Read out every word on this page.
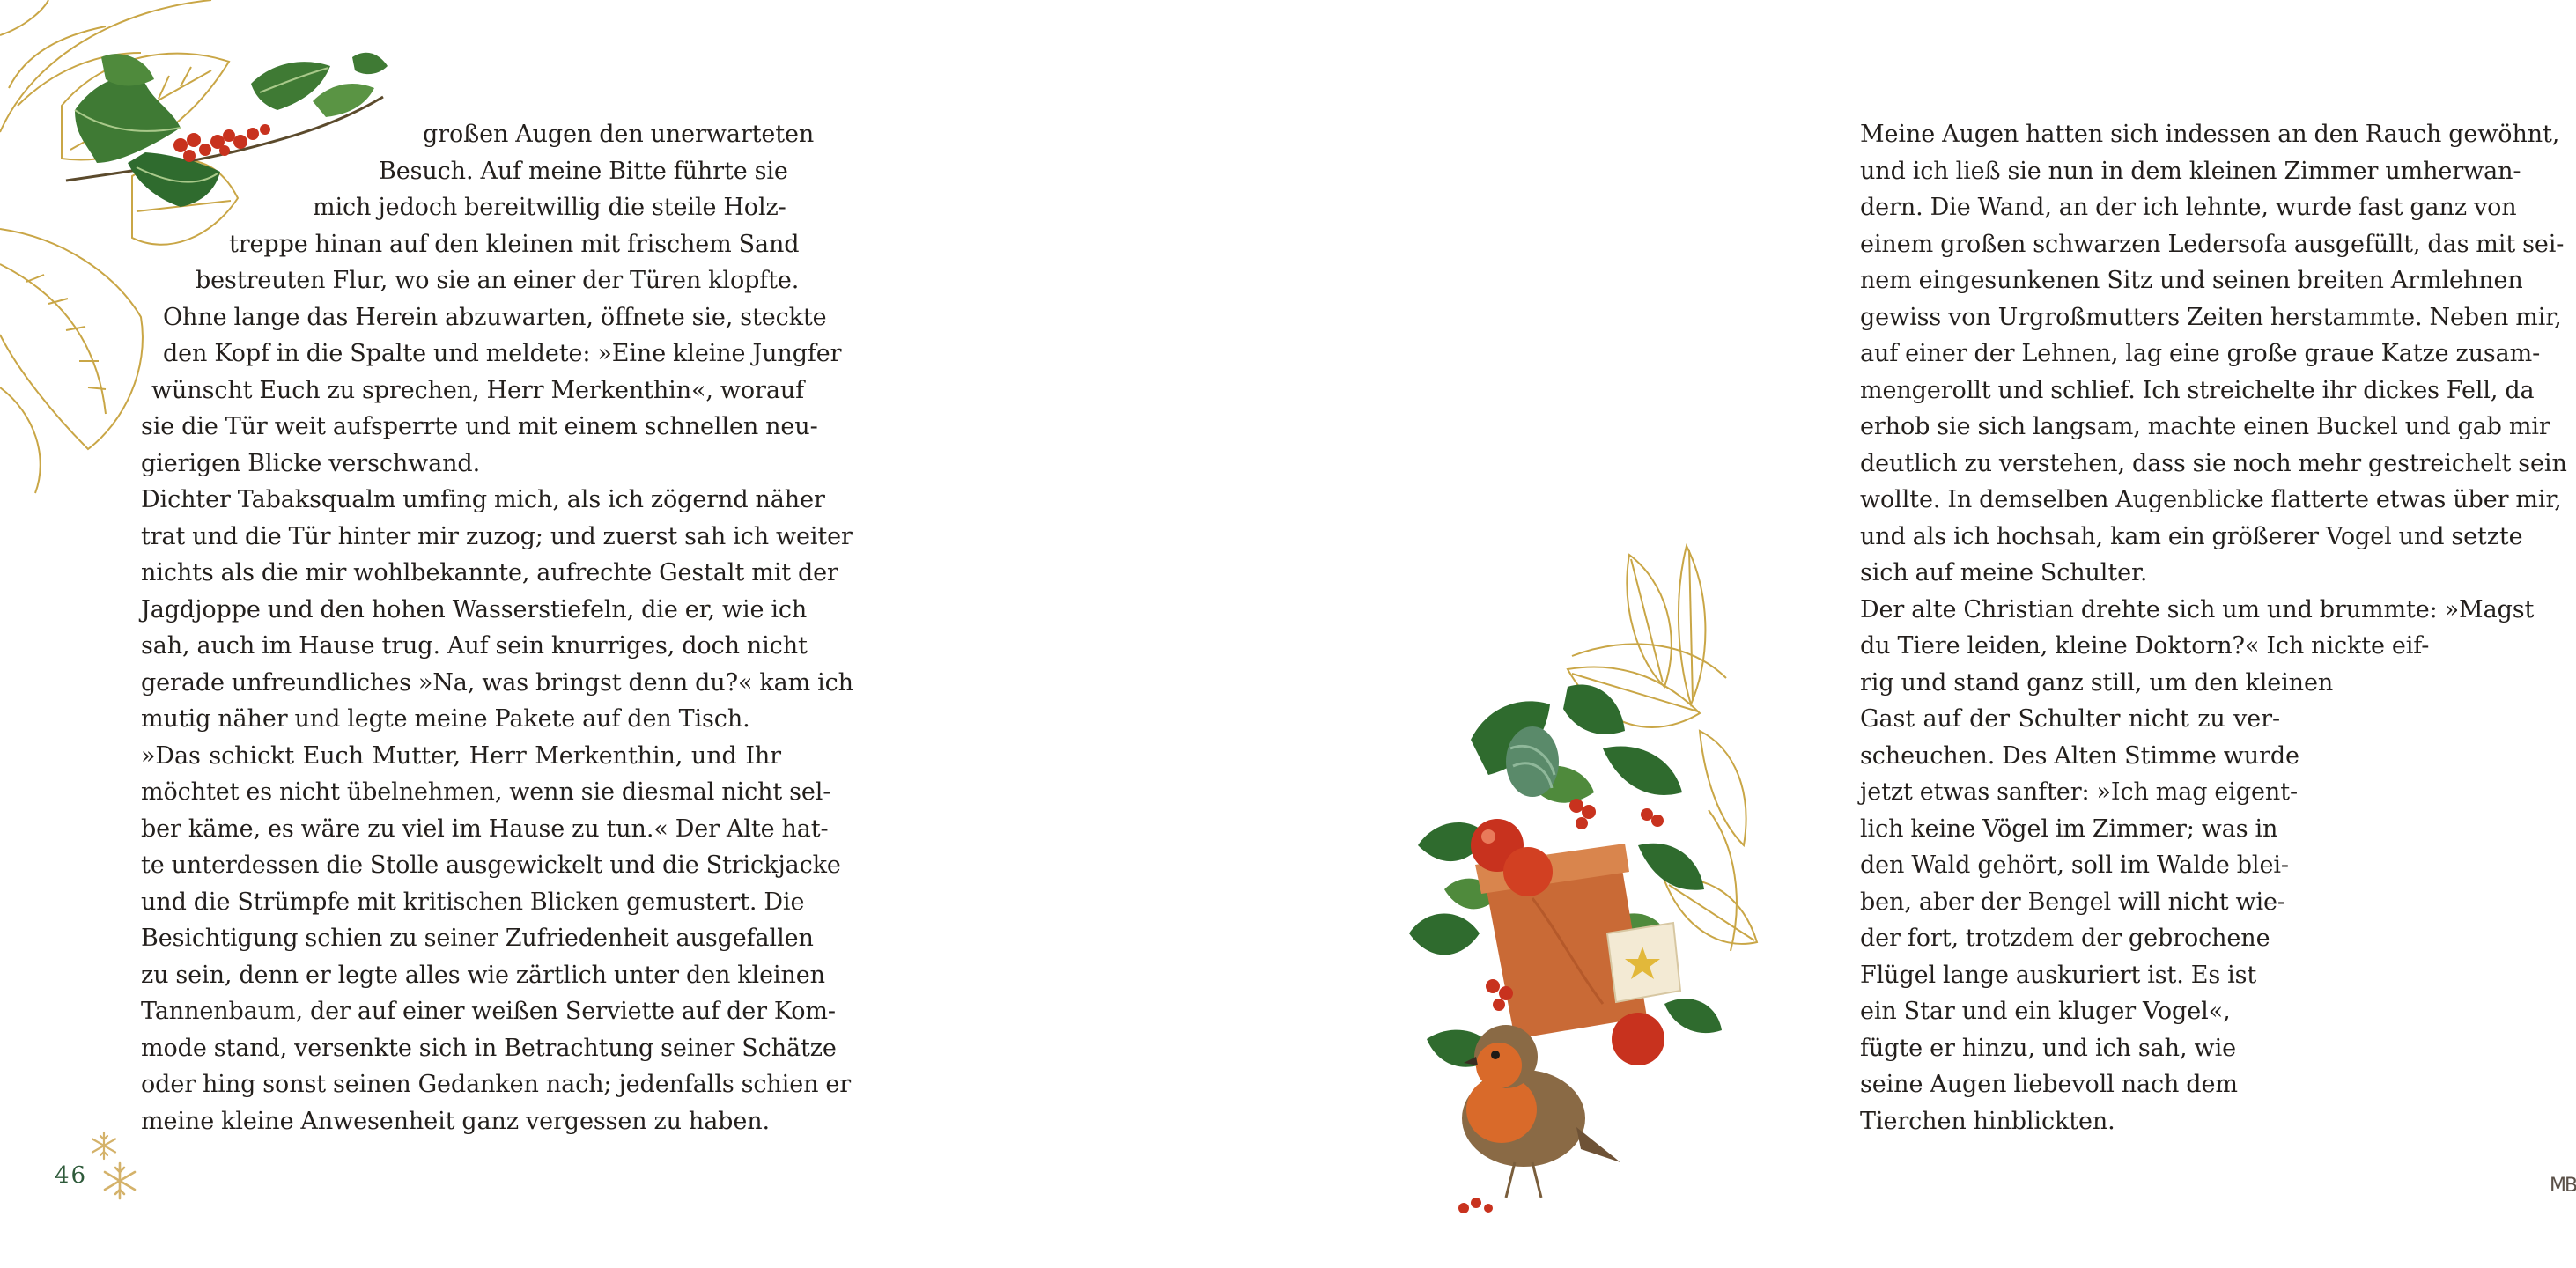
großen Augen den unerwarteten
Besuch. Auf meine Bitte führte sie
mich jedoch bereitwillig die steile Holz-
treppe hinan auf den kleinen mit frischem Sand
bestreuten Flur, wo sie an einer der Türen klopfte.
Ohne lange das Herein abzuwarten, öffnete sie, steckte
den Kopf in die Spalte und meldete: »Eine kleine Jungfer
wünscht Euch zu sprechen, Herr Merkenthin«, worauf
sie die Tür weit aufsperrte und mit einem schnellen neu-
gierigen Blicke verschwand.
Dichter Tabaksqualm umfing mich, als ich zögernd näher
trat und die Tür hinter mir zuzog; und zuerst sah ich weiter
nichts als die mir wohlbekannte, aufrechte Gestalt mit der
Jagdjoppe und den hohen Wasserstiefeln, die er, wie ich
sah, auch im Hause trug. Auf sein knurriges, doch nicht
gerade unfreundliches »Na, was bringst denn du?« kam ich
mutig näher und legte meine Pakete auf den Tisch.
»Das schickt Euch Mutter, Herr Merkenthin, und Ihr
möchtet es nicht übelnehmen, wenn sie diesmal nicht sel-
ber käme, es wäre zu viel im Hause zu tun.« Der Alte hat-
te unterdessen die Stolle ausgewickelt und die Strickjacke
und die Strümpfe mit kritischen Blicken gemustert. Die
Besichtigung schien zu seiner Zufriedenheit ausgefallen
zu sein, denn er legte alles wie zärtlich unter den kleinen
Tannenbaum, der auf einer weißen Serviette auf der Kom-
mode stand, versenkte sich in Betrachtung seiner Schätze
oder hing sonst seinen Gedanken nach; jedenfalls schien er
meine kleine Anwesenheit ganz vergessen zu haben.
46
Meine Augen hatten sich indessen an den Rauch gewöhnt,
und ich ließ sie nun in dem kleinen Zimmer umherwan-
dern. Die Wand, an der ich lehnte, wurde fast ganz von
einem großen schwarzen Ledersofa ausgefüllt, das mit sei-
nem eingesunkenen Sitz und seinen breiten Armlehnen
gewiss von Urgroßmutters Zeiten herstammte. Neben mir,
auf einer der Lehnen, lag eine große graue Katze zusam-
mengerollt und schlief. Ich streichelte ihr dickes Fell, da
erhob sie sich langsam, machte einen Buckel und gab mir
deutlich zu verstehen, dass sie noch mehr gestreichelt sein
wollte. In demselben Augenblicke flatterte etwas über mir,
und als ich hochsah, kam ein größerer Vogel und setzte
sich auf meine Schulter.
Der alte Christian drehte sich um und brummte: »Magst
du Tiere leiden, kleine Doktorn?« Ich nickte eif-
rig und stand ganz still, um den kleinen
Gast auf der Schulter nicht zu ver-
scheuchen. Des Alten Stimme wurde
jetzt etwas sanfter: »Ich mag eigent-
lich keine Vögel im Zimmer; was in
den Wald gehört, soll im Walde blei-
ben, aber der Bengel will nicht wie-
der fort, trotzdem der gebrochene
Flügel lange auskuriert ist. Es ist
ein Star und ein kluger Vogel«,
fügte er hinzu, und ich sah, wie
seine Augen liebevoll nach dem
Tierchen hinblickten.
MB
